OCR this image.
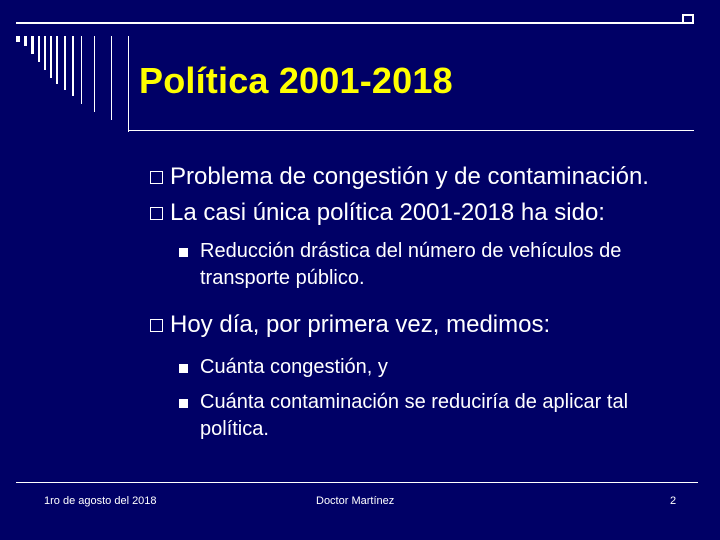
Política 2001-2018
Problema de congestión y de contaminación.
La casi única política 2001-2018 ha sido:
Reducción drástica del número de vehículos de transporte público.
Hoy día, por primera vez, medimos:
Cuánta congestión, y
Cuánta contaminación se reduciría de aplicar tal política.
1ro de agosto del 2018	Doctor Martínez	2
